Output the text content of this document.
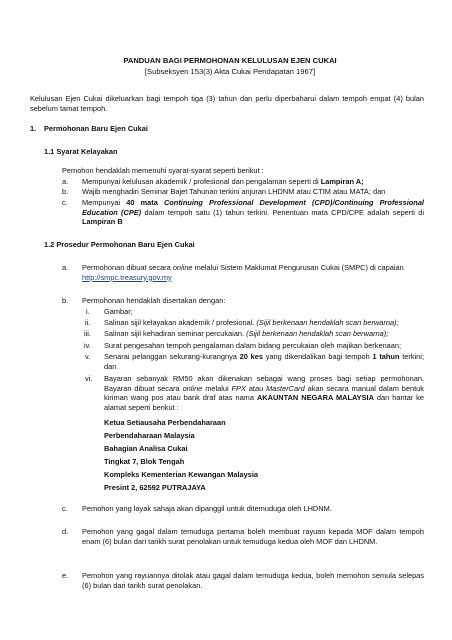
PANDUAN BAGI PERMOHONAN KELULUSAN EJEN CUKAI
[Subseksyen 153(3) Akta Cukai Pendapatan 1967]
Kelulusan Ejen Cukai dikeluarkan bagi tempoh tiga (3) tahun dan perlu diperbaharui dalam tempoh empat (4) bulan sebelum tamat tempoh.
1. Permohonan Baru Ejen Cukai
1.1 Syarat Kelayakan
Pemohon hendaklah memenuhi syarat-syarat seperti berikut :
a. Mempunyai kelulusan akademik / profesional dan pengalaman seperti di Lampiran A;
b. Wajib menghadiri Seminar Bajet Tahunan terkini anjuran LHDNM atau CTIM atau MATA; dan
c. Mempunyai 40 mata Continuing Professional Development (CPD)/Continuing Professional Education (CPE) dalam tempoh satu (1) tahun terkini. Penentuan mata CPD/CPE adalah seperti di Lampiran B
1.2 Prosedur Permohonan Baru Ejen Cukai
a. Permohonan dibuat secara online melalui Sistem Maklumat Pengurusan Cukai (SMPC) di capaian
http://smpc.treasury.gov.my
b. Permohonan hendaklah disertakan dengan:
i. Gambar;
ii. Salinan sijil kelayakan akademik / profesional. (Sijil berkenaan hendaklah scan berwarna);
iii. Salinan sijil kehadiran seminar percukaian. (Sijil berkenaan hendaklah scan berwarna);
iv. Surat pengesahan tempoh pengalaman dalam bidang percukaian oleh majikan berkenaan;
v. Senarai pelanggan sekurang-kurangnya 20 kes yang dikendalikan bagi tempoh 1 tahun terkini; dan
vi. Bayaran sebanyak RM50 akan dikenakan sebagai wang proses bagi setiap permohonan. Bayaran dibuat secara online melalui FPX atau MasterCard akan secara manual dalam bentuk kiriman wang pos atau bank draf atas nama AKAUNTAN NEGARA MALAYSIA dan hantar ke alamat seperti berikut :
Ketua Setiausaha Perbendaharaan
Perbendaharaan Malaysia
Bahagian Analisa Cukai
Tingkat 7, Blok Tengah
Kompleks Kementerian Kewangan Malaysia
Presint 2, 62592 PUTRAJAYA
c. Pemohon yang layak sahaja akan dipanggil untuk ditemuduga oleh LHDNM.
d. Pemohon yang gagal dalam temuduga pertama boleh membuat rayuan kepada MOF dalam tempoh enam (6) bulan dari tarikh surat penolakan untuk temuduga kedua oleh MOF dan LHDNM.
e. Pemohon yang rayuannya ditolak atau gagal dalam temuduga kedua, boleh memohon semula selepas (6) bulan dari tarikh surat penolakan.
